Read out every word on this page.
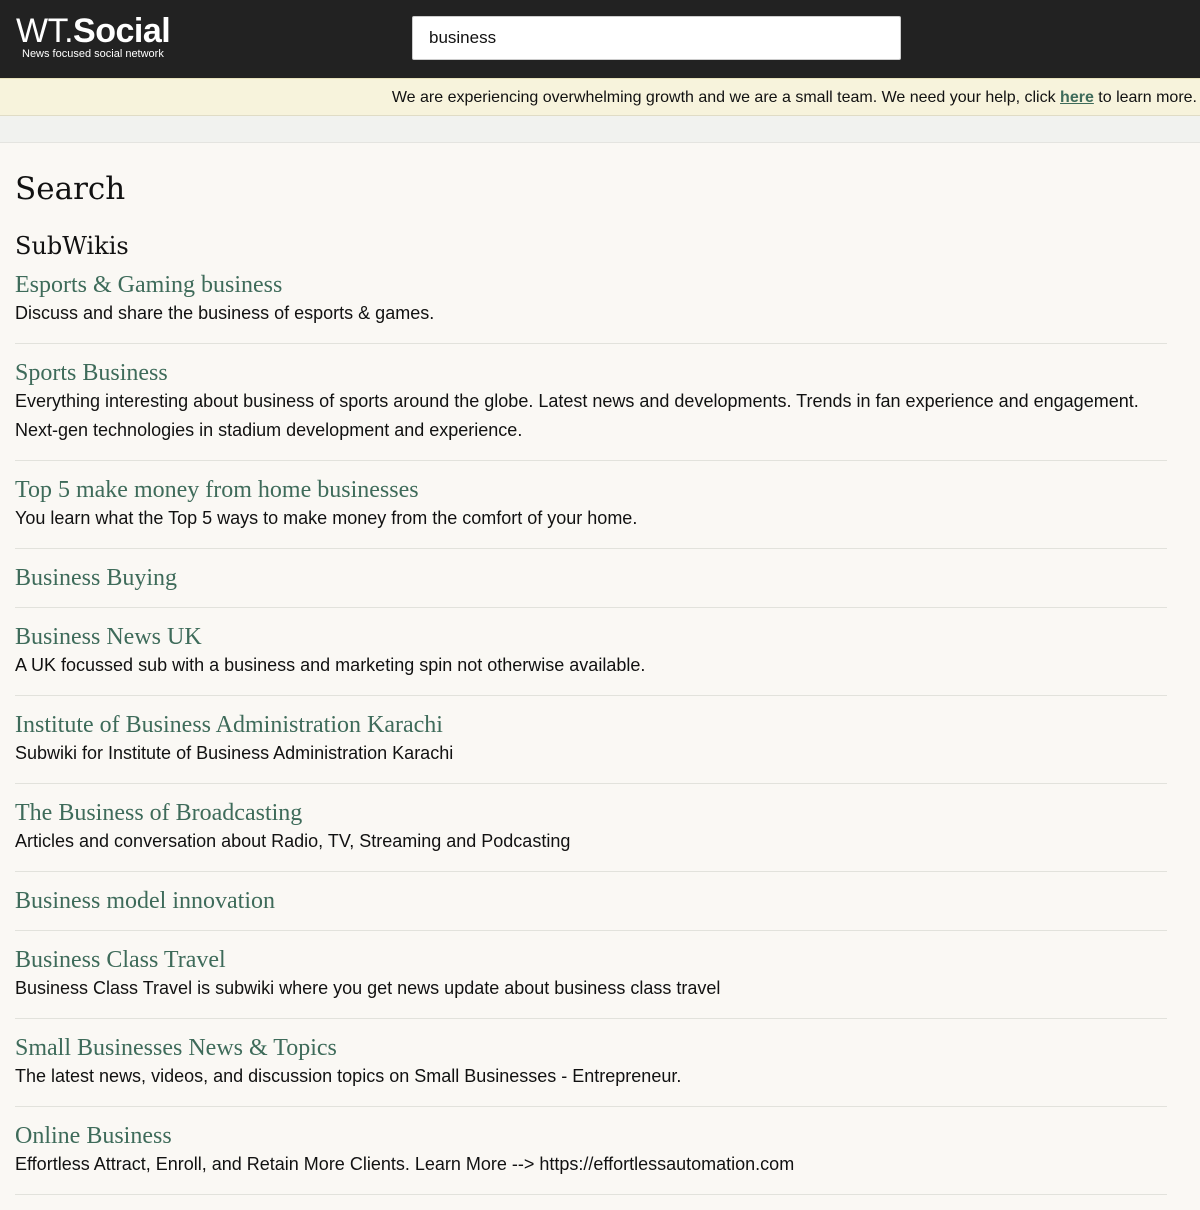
WT.Social
News focused social network
business
We are experiencing overwhelming growth and we are a small team. We need your help, click here to learn more.
Search
SubWikis
Esports & Gaming business
Discuss and share the business of esports & games.
Sports Business
Everything interesting about business of sports around the globe. Latest news and developments. Trends in fan experience and engagement. Next-gen technologies in stadium development and experience.
Top 5 make money from home businesses
You learn what the Top 5 ways to make money from the comfort of your home.
Business Buying
Business News UK
A UK focussed sub with a business and marketing spin not otherwise available.
Institute of Business Administration Karachi
Subwiki for Institute of Business Administration Karachi
The Business of Broadcasting
Articles and conversation about Radio, TV, Streaming and Podcasting
Business model innovation
Business Class Travel
Business Class Travel is subwiki where you get news update about business class travel
Small Businesses News & Topics
The latest news, videos, and discussion topics on Small Businesses - Entrepreneur.
Online Business
Effortless Attract, Enroll, and Retain More Clients. Learn More --> https://effortlessautomation.com
